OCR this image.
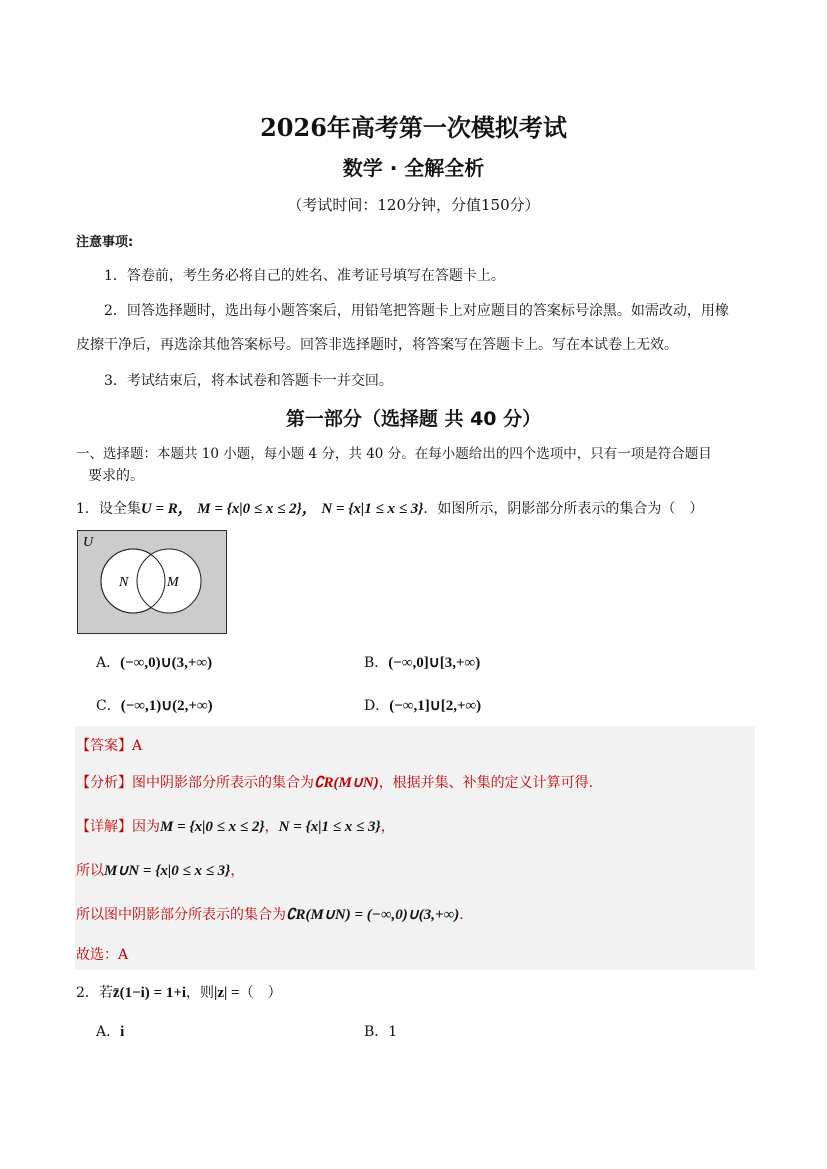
2026年高考第一次模拟考试
数学 · 全解全析
（考试时间：120分钟，分值150分）
注意事项:
1．答卷前，考生务必将自己的姓名、准考证号填写在答题卡上。
2．回答选择题时，选出每小题答案后，用铅笔把答题卡上对应题目的答案标号涂黑。如需改动，用橡
皮擦干净后，再选涂其他答案标号。回答非选择题时，将答案写在答题卡上。写在本试卷上无效。
3．考试结束后，将本试卷和答题卡一并交回。
第一部分（选择题 共 40 分）
一、选择题：本题共 10 小题，每小题 4 分，共 40 分。在每小题给出的四个选项中，只有一项是符合题目
要求的。
1．设全集U = R， M = {x|0 ≤ x ≤ 2}， N = {x|1 ≤ x ≤ 3}．如图所示，阴影部分所表示的集合为（　）
U
N	M
A．(−∞,0)∪(3,+∞)	B．(−∞,0]∪[3,+∞)
C．(−∞,1)∪(2,+∞)	D．(−∞,1]∪[2,+∞)
【答案】A
【分析】图中阴影部分所表示的集合为∁R(M∪N)，根据并集、补集的定义计算可得.
【详解】因为M = {x|0 ≤ x ≤ 2}，N = {x|1 ≤ x ≤ 3}，
所以M∪N = {x|0 ≤ x ≤ 3}，
所以图中阴影部分所表示的集合为∁R(M∪N) = (−∞,0)∪(3,+∞).
故选：A
2．若z̄(1−i) = 1+i，则|z| =（　）
A．i	B．1
